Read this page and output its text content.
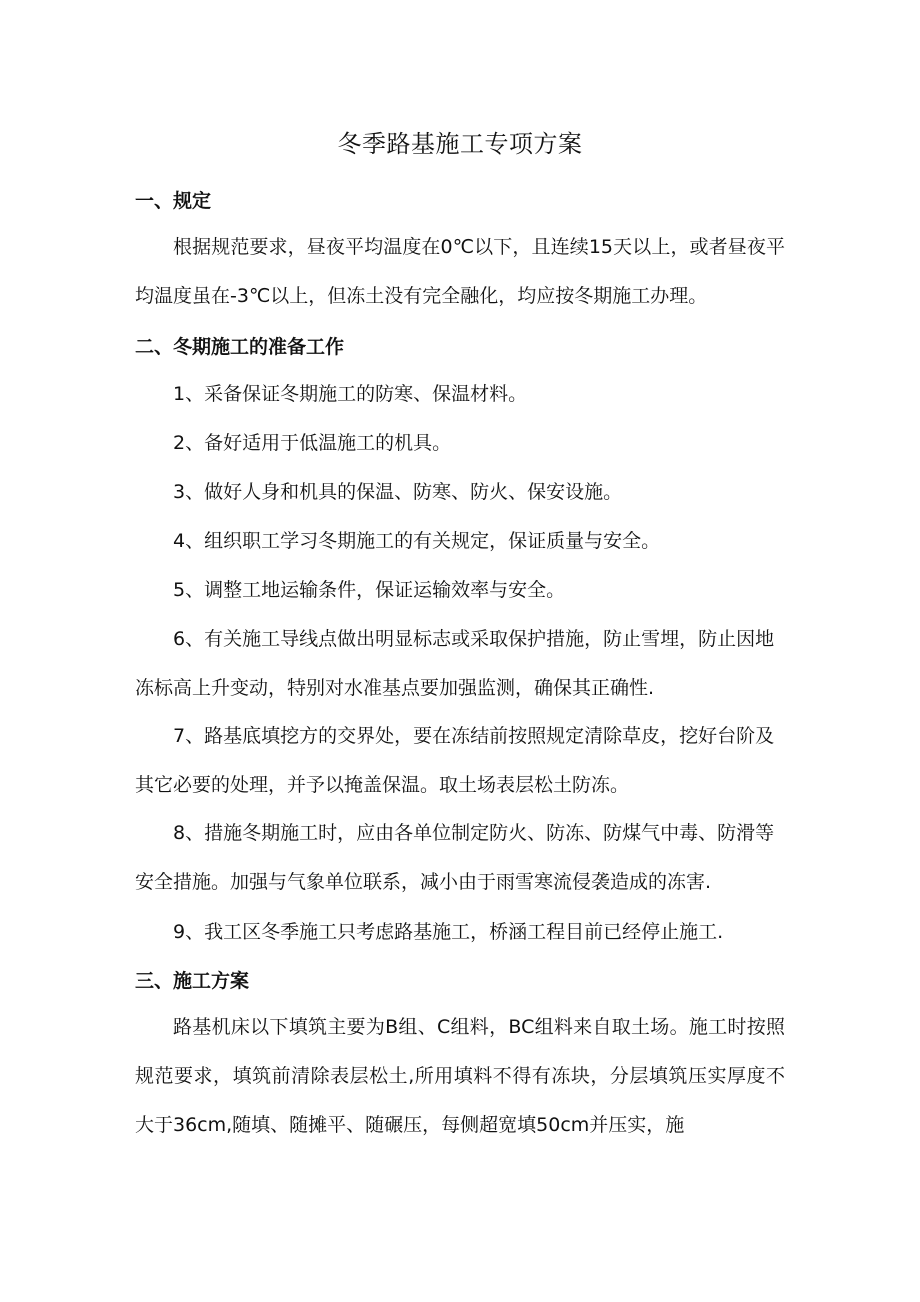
冬季路基施工专项方案
一、规定

根据规范要求，昼夜平均温度在0℃以下，且连续15天以上，或者昼夜平均温度虽在-3℃以上，但冻土没有完全融化，均应按冬期施工办理。

二、冬期施工的准备工作

1、采备保证冬期施工的防寒、保温材料。

2、备好适用于低温施工的机具。

3、做好人身和机具的保温、防寒、防火、保安设施。

4、组织职工学习冬期施工的有关规定，保证质量与安全。

5、调整工地运输条件，保证运输效率与安全。

6、有关施工导线点做出明显标志或采取保护措施，防止雪埋，防止因地冻标高上升变动，特别对水准基点要加强监测，确保其正确性.

7、路基底填挖方的交界处，要在冻结前按照规定清除草皮，挖好台阶及其它必要的处理，并予以掩盖保温。取土场表层松土防冻。

8、措施冬期施工时，应由各单位制定防火、防冻、防煤气中毒、防滑等安全措施。加强与气象单位联系，减小由于雨雪寒流侵袭造成的冻害.

9、我工区冬季施工只考虑路基施工，桥涵工程目前已经停止施工.

三、施工方案

路基机床以下填筑主要为B组、C组料，BC组料来自取土场。施工时按照规范要求，填筑前清除表层松土,所用填料不得有冻块，分层填筑压实厚度不大于36cm,随填、随摊平、随碾压，每侧超宽填50cm并压实，施
